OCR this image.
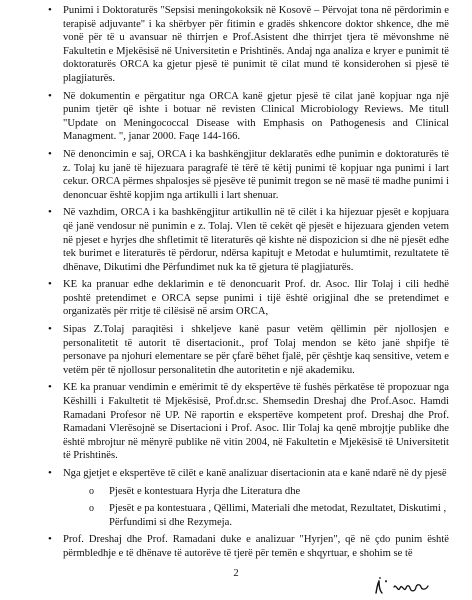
• Punimi i Doktoraturës "Sepsisi meningokoksik në Kosovë – Përvojat tona në përdorimin e terapisë adjuvante" i ka shërbyer për fitimin e gradës shkencore doktor shkence, dhe më vonë për të u avansuar në thirrjen e Prof.Asistent dhe thirrjet tjera të mëvonshme në Fakultetin e Mjekësisë në Universitetin e Prishtinës. Andaj nga analiza e kryer e punimit të doktoraturës ORCA ka gjetur pjesë të punimit të cilat mund të konsiderohen si pjesë të plagjiaturës.
• Në dokumentin e përgatitur nga ORCA kanë gjetur pjesë të cilat janë kopjuar nga një punim tjetër që ishte i botuar në revisten Clinical Microbiology Reviews. Me titull "Update on Meningococcal Disease with Emphasis on Pathogenesis and Clinical Managment. ", janar 2000. Faqe 144-166.
• Në denoncimin e saj, ORCA i ka bashkëngjitur deklaratës edhe punimin e doktoraturës të z. Tolaj ku janë të hijezuara paragrafë të tërë të këtij punimi të kopjuar nga punimi i lart cekur. ORCA përmes shpalosjes së pjesëve të punimit tregon se në masë të madhe punimi i denoncuar është kopjim nga artikulli i lart shenuar.
• Në vazhdim, ORCA i ka bashkëngjitur artikullin në të cilët i ka hijezuar pjesët e kopjuara që janë vendosur në punimin e z. Tolaj. Vlen të cekët që pjesët e hijezuara gjenden vetem në pjeset e hyrjes dhe shfletimit të literaturës që kishte në dispozicion si dhe në pjesët edhe tek burimet e literaturës të përdorur, ndërsa kapitujt e Metodat e hulumtimit, rezultatete të dhënave, Dikutimi dhe Përfundimet nuk ka të gjetura të plagjiaturës.
• KE ka pranuar edhe deklarimin e të denoncuarit Prof. dr. Asoc. Ilir Tolaj i cili hedhë poshtë pretendimet e ORCA sepse punimi i tijë është origjinal dhe se pretendimet e organizatës për rritje të cilësisë në arsim ORCA,
• Sipas Z.Tolaj paraqitësi i shkeljeve kanë pasur vetëm qëllimin për njollosjen e personalitetit të autorit të disertacionit., prof Tolaj mendon se këto janë shpifje të personave pa njohuri elementare se për çfarë bëhet fjalë, për çështje kaq sensitive, vetem e vetëm për të njollosur personalitetin dhe autoritetin e një akademiku.
• KE ka pranuar vendimin e emërimit të dy ekspertëve të fushës përkatëse të propozuar nga Këshilli i Fakultetit të Mjekësisë, Prof.dr.sc. Shemsedin Dreshaj dhe Prof.Asoc. Hamdi Ramadani Profesor në UP. Në raportin e ekspertëve kompetent prof. Dreshaj dhe Prof. Ramadani Vlerësojnë se Disertacioni i Prof. Asoc. Ilir Tolaj ka qenë mbrojtje publike dhe është mbrojtur në mënyrë publike në vitin 2004, në Fakultetin e Mjekësisë të Universitetit të Prishtinës.
• Nga gjetjet e ekspertëve të cilët e kanë analizuar disertacionin ata e kanë ndarë në dy pjesë
o Pjesët e kontestuara Hyrja dhe Literatura dhe
o Pjesët e pa kontestuara , Qëllimi, Materiali dhe metodat, Rezultatet, Diskutimi , Përfundimi si dhe Rezymeja.
• Prof. Dreshaj dhe Prof. Ramadani duke e analizuar "Hyrjen", që në çdo punim është përmbledhje e të dhënave të autorëve të tjerë për temën e shqyrtuar, e shohim se të
2
